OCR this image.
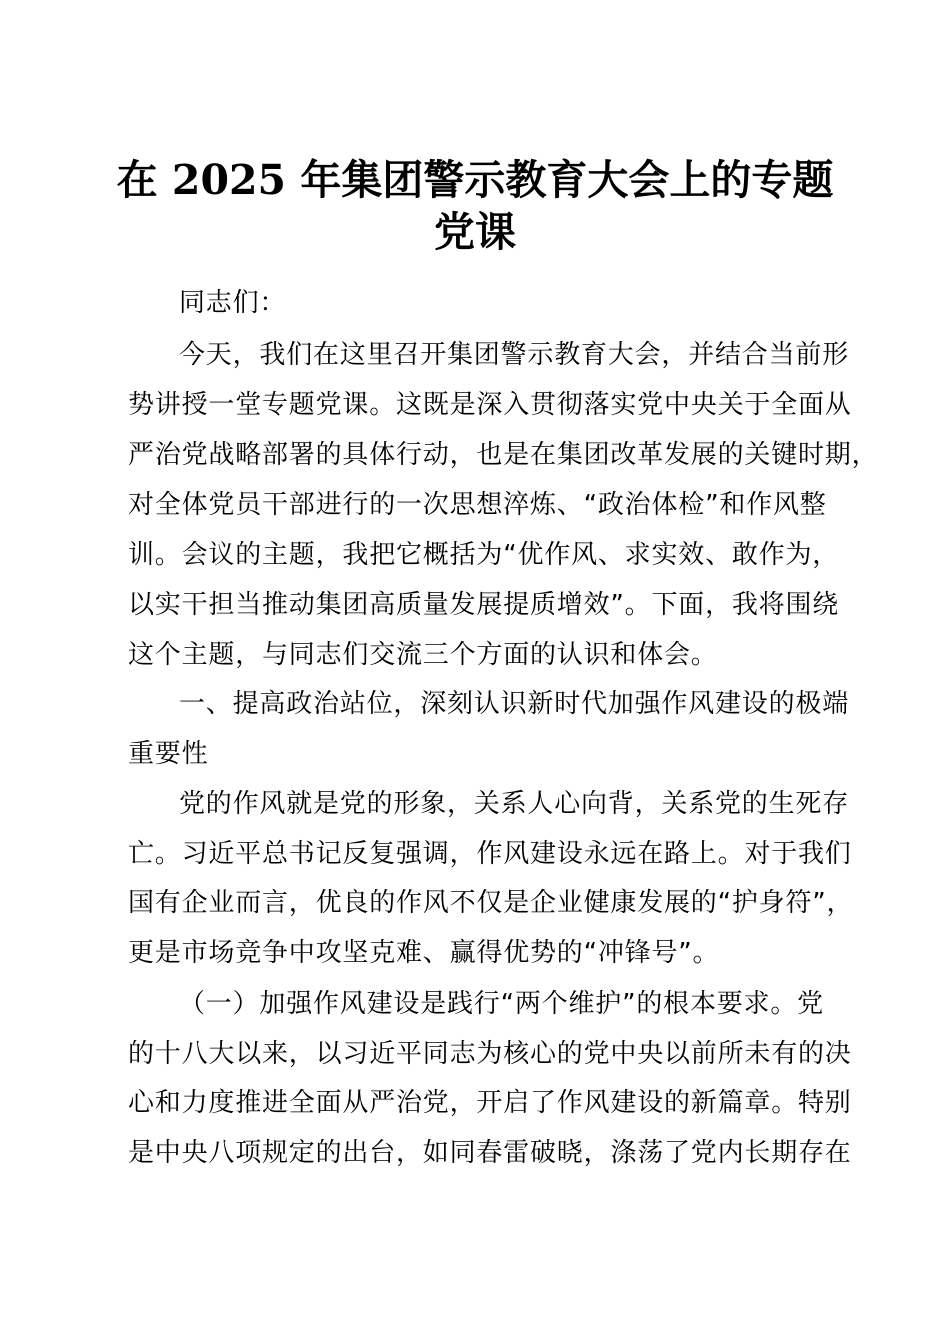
在 2025 年集团警示教育大会上的专题
党课
同志们：
今天，我们在这里召开集团警示教育大会，并结合当前形
势讲授一堂专题党课。这既是深入贯彻落实党中央关于全面从
严治党战略部署的具体行动，也是在集团改革发展的关键时期，
对全体党员干部进行的一次思想淬炼、“政治体检”和作风整
训。会议的主题，我把它概括为“优作风、求实效、敢作为，
以实干担当推动集团高质量发展提质增效”。下面，我将围绕
这个主题，与同志们交流三个方面的认识和体会。
一、提高政治站位，深刻认识新时代加强作风建设的极端
重要性
党的作风就是党的形象，关系人心向背，关系党的生死存
亡。习近平总书记反复强调，作风建设永远在路上。对于我们
国有企业而言，优良的作风不仅是企业健康发展的“护身符”，
更是市场竞争中攻坚克难、赢得优势的“冲锋号”。
（一）加强作风建设是践行“两个维护”的根本要求。党
的十八大以来，以习近平同志为核心的党中央以前所未有的决
心和力度推进全面从严治党，开启了作风建设的新篇章。特别
是中央八项规定的出台，如同春雷破晓，涤荡了党内长期存在
